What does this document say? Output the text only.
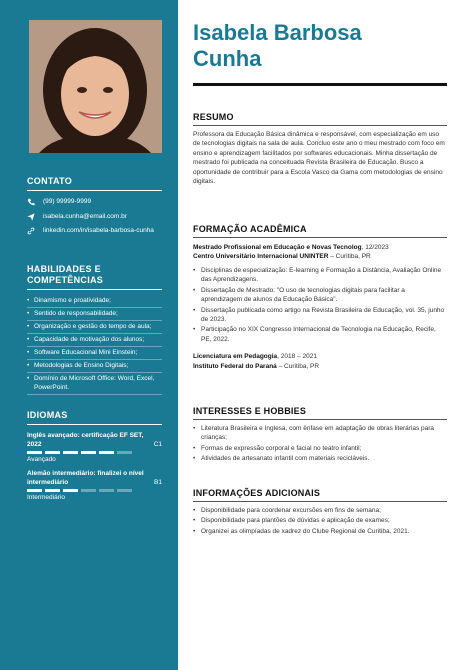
CONTATO
(99) 99999-9999
isabela.cunha@email.com.br
linkedin.com/in/isabela-barbosa-cunha
HABILIDADES E COMPETÊNCIAS
• Dinamismo e proatividade;
• Sentido de responsabilidade;
• Organização e gestão do tempo de aula;
• Capacidade de motivação dos alunos;
• Software Educacional Mini Einstein;
• Metodologias de Ensino Digitais;
• Domínio de Microsoft Office: Word, Excel, PowerPoint.
IDIOMAS
Inglês avançado: certificação EF SET, 2022	C1
Avançado
Alemão intermediário: finalizei o nível intermediário	B1
Intermediário
Isabela Barbosa
Cunha
RESUMO
Professora da Educação Básica dinâmica e responsável, com especialização em uso de tecnologias digitais na sala de aula. Concluo este ano o meu mestrado com foco em ensino e aprendizagem facilitados por softwares educacionais. Minha dissertação de mestrado foi publicada na conceituada Revista Brasileira de Educação. Busco a oportunidade de contribuir para a Escola Vasco da Gama com metodologias de ensino digitais.
FORMAÇÃO ACADÊMICA
Mestrado Profissional em Educação e Novas Tecnolog, 12/2023
Centro Universitário Internacional UNINTER – Curitiba, PR
• Disciplinas de especialização: E-learning e Formação a Distância, Avaliação Online das Aprendizagens.
• Dissertação de Mestrado: "O uso de tecnologias digitais para facilitar a aprendizagem de alunos da Educação Básica".
• Dissertação publicada como artigo na Revista Brasileira de Educação, vol. 35, junho de 2023.
• Participação no XIX Congresso Internacional de Tecnologia na Educação, Recife, PE, 2022.
Licenciatura em Pedagogia, 2018 – 2021
Instituto Federal do Paraná – Curitiba, PR
INTERESSES E HOBBIES
• Literatura Brasileira e Inglesa, com ênfase em adaptação de obras literárias para crianças;
• Formas de expressão corporal e facial no teatro infantil;
• Atividades de artesanato infantil com materiais recicláveis.
INFORMAÇÕES ADICIONAIS
• Disponibilidade para coordenar excursões em fins de semana;
• Disponibilidade para plantões de dúvidas e aplicação de exames;
• Organizei as olimpíadas de xadrez do Clube Regional de Curitiba, 2021.
